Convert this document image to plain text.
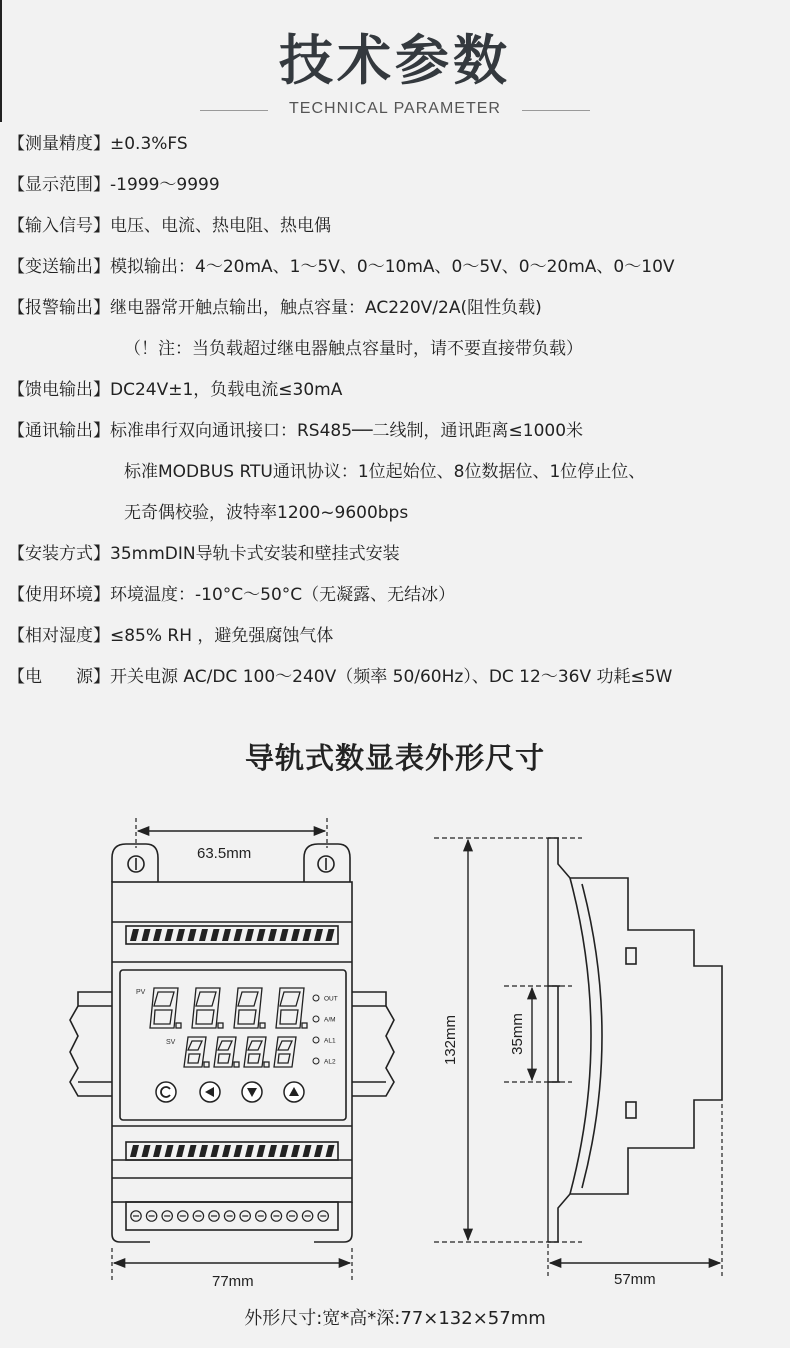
技术参数
TECHNICAL PARAMETER
【测量精度】±0.3%FS
【显示范围】-1999～9999
【输入信号】电压、电流、热电阻、热电偶
【变送输出】模拟输出：4～20mA、1～5V、0～10mA、0～5V、0～20mA、0～10V
【报警输出】继电器常开触点输出，触点容量：AC220V/2A(阻性负载)
（！注：当负载超过继电器触点容量时，请不要直接带负载）
【馈电输出】DC24V±1，负载电流≤30mA
【通讯输出】标准串行双向通讯接口：RS485──二线制，通讯距离≤1000米
标准MODBUS RTU通讯协议：1位起始位、8位数据位、1位停止位、
无奇偶校验，波特率1200~9600bps
【安装方式】35mmDIN导轨卡式安装和壁挂式安装
【使用环境】环境温度：-10°C～50°C（无凝露、无结冰）
【相对湿度】≤85% RH ，避免强腐蚀气体
【电　　源】开关电源 AC/DC 100～240V（频率 50/60Hz）、DC 12～36V 功耗≤5W
导轨式数显表外形尺寸
63.5mm
77mm
PV
SV
OUT
A/M
AL1
AL2	132mm	35mm
57mm
外形尺寸:宽*高*深:77×132×57mm
